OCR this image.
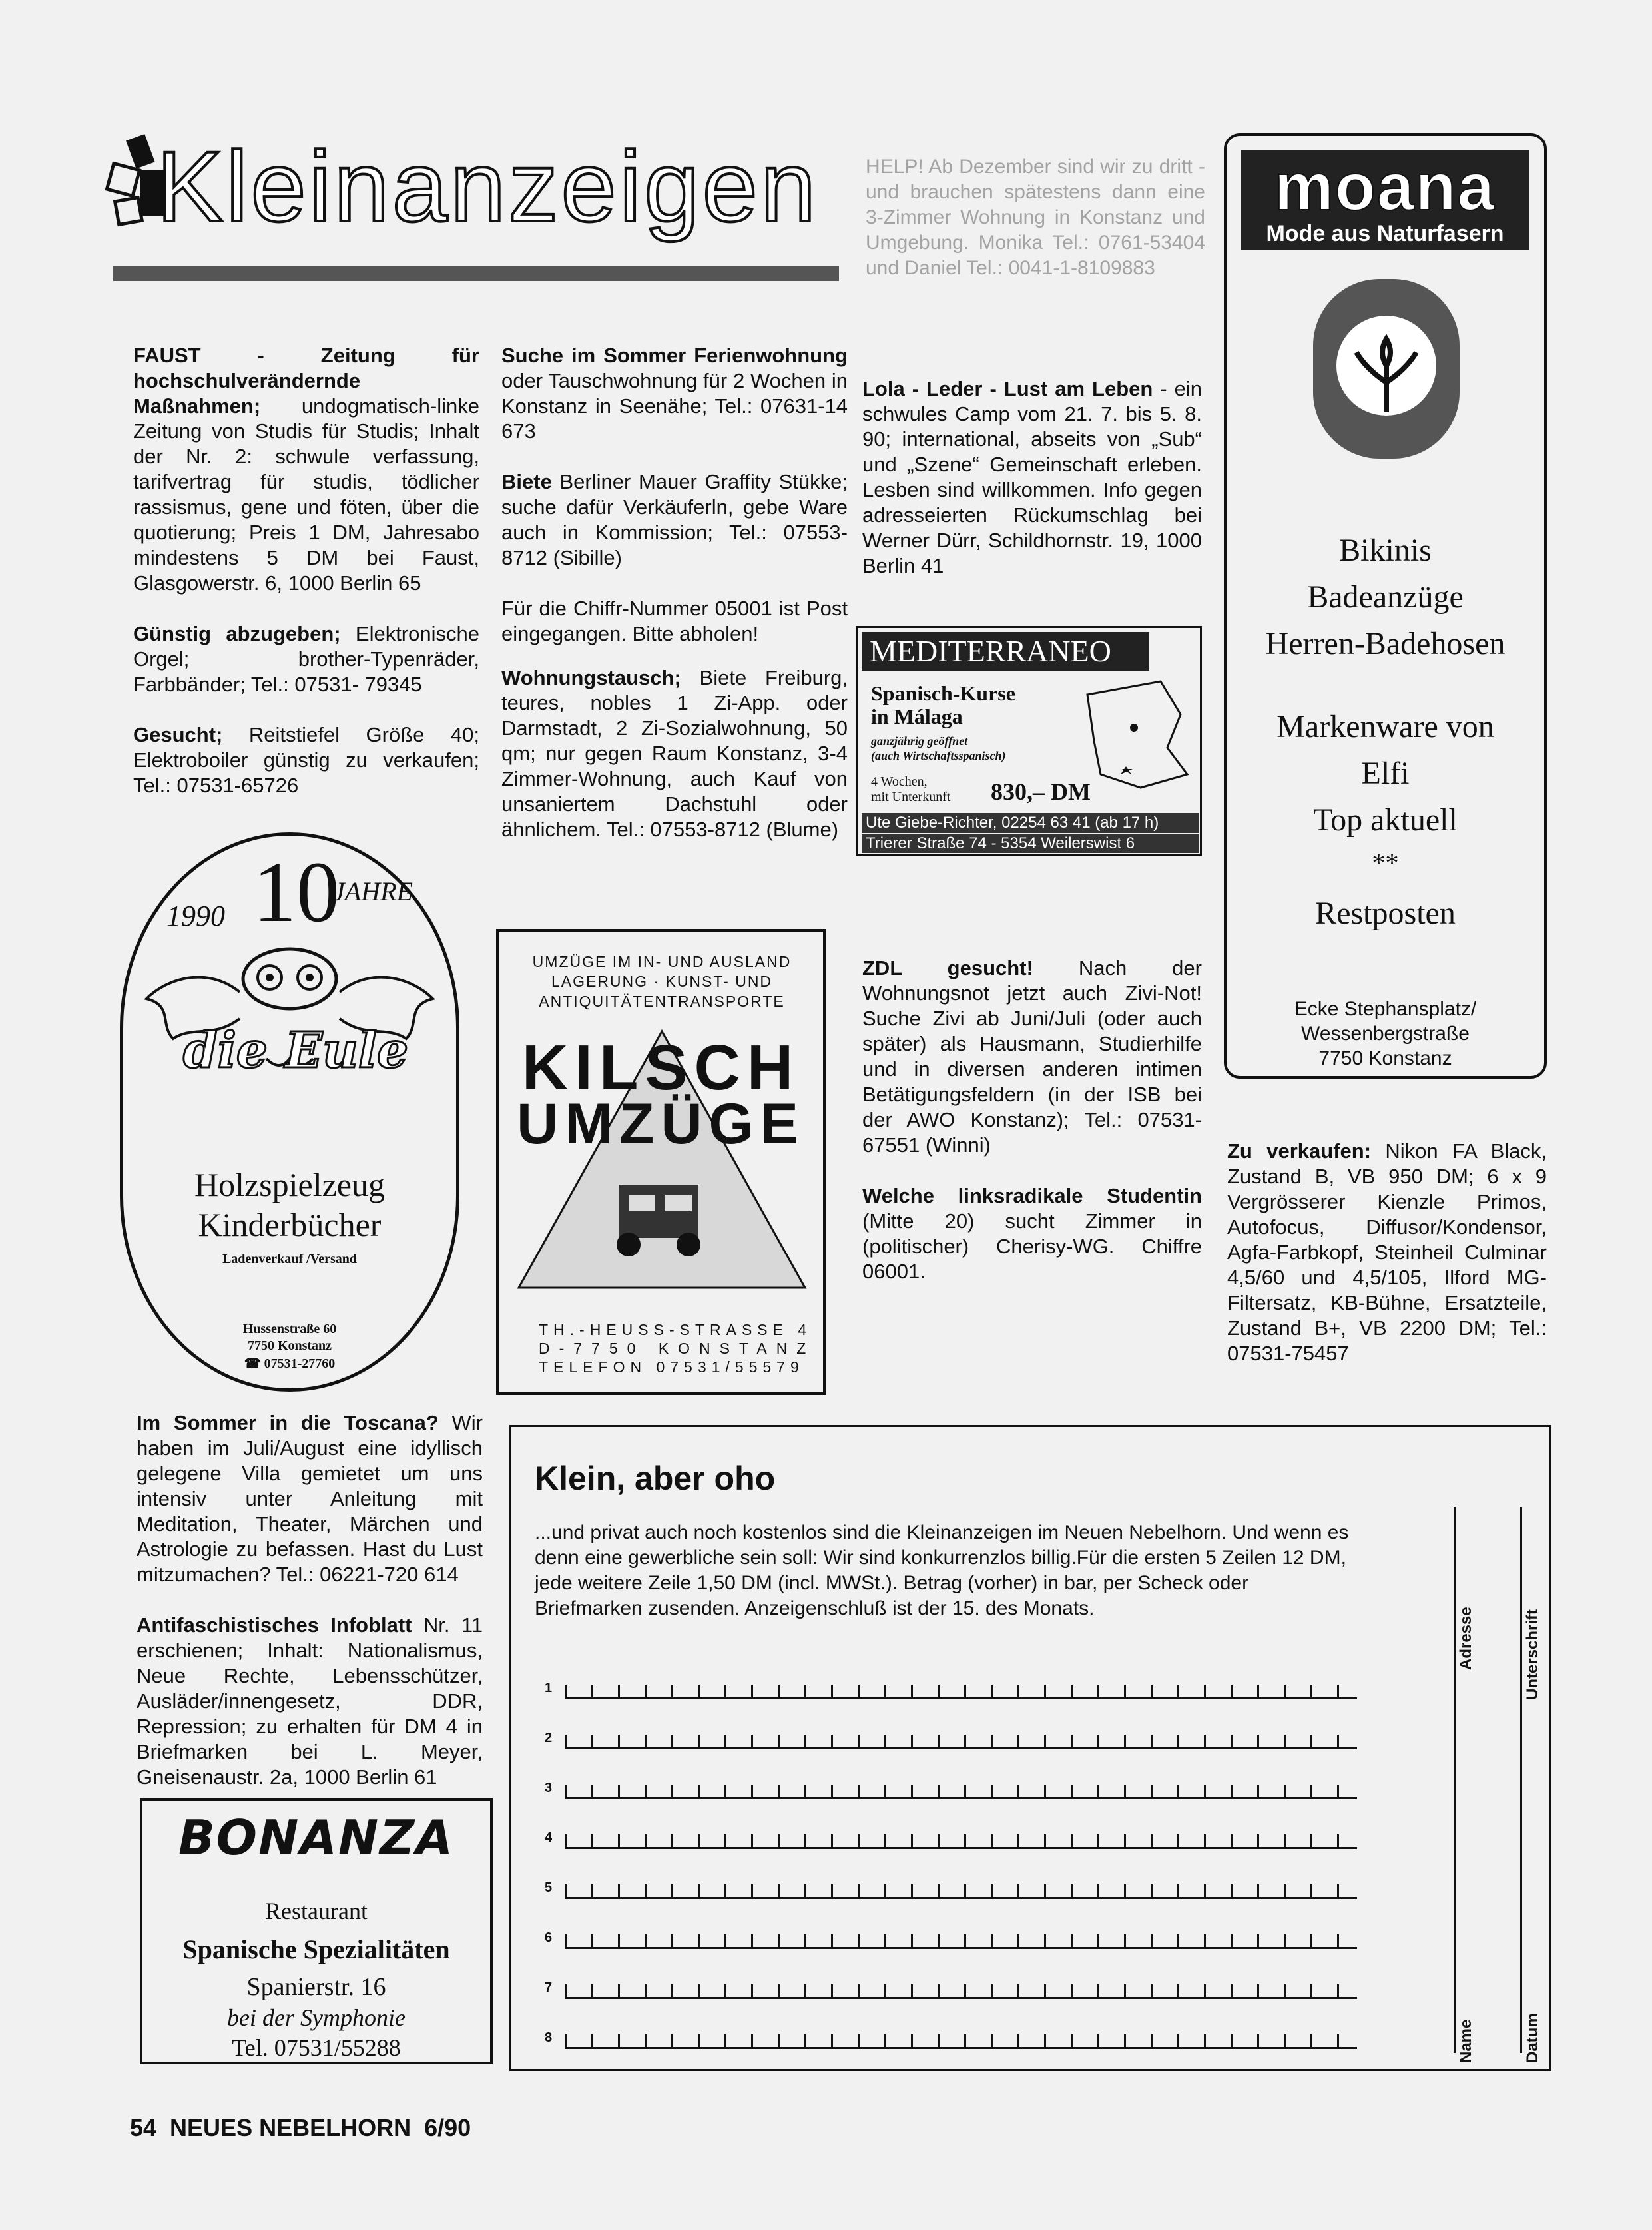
Kleinanzeigen HELP! Ab Dezember sind wir zu dritt - und brauchen spätestens dann eine 3-Zimmer Wohnung in Konstanz und Umgebung. Monika Tel.: 0761-53404 und Daniel Tel.: 0041-1-8109883

FAUST - Zeitung für hochschulverändernde Maßnahmen; undogmatisch-linke Zeitung von Studis für Studis; Inhalt der Nr. 2: schwule verfassung, tarifvertrag für studis, tödlicher rassismus, gene und föten, über die quotierung; Preis 1 DM, Jahresabo mindestens 5 DM bei Faust, Glasgowerstr. 6, 1000 Berlin 65

Günstig abzugeben; Elektronische Orgel; brother-Typenräder, Farbbänder; Tel.: 07531- 79345

Gesucht; Reitstiefel Größe 40; Elektroboiler günstig zu verkaufen; Tel.: 07531-65726

1990 10
JAHRE
die Eule
Holzspielzeug
Kinderbücher
Ladenverkauf /Versand
Hussenstraße 60
7750 Konstanz
☎ 07531-27760

Im Sommer in die Toscana? Wir haben im Juli/August eine idyllisch gelegene Villa gemietet um uns intensiv unter Anleitung mit Meditation, Theater, Märchen und Astrologie zu befassen. Hast du Lust mitzumachen? Tel.: 06221-720 614

Antifaschistisches Infoblatt Nr. 11 erschienen; Inhalt: Nationalismus, Neue Rechte, Lebensschützer, Ausläder/innengesetz, DDR, Repression; zu erhalten für DM 4 in Briefmarken bei L. Meyer, Gneisenaustr. 2a, 1000 Berlin 61

BONANZA
Restaurant
Spanische Spezialitäten
Spanierstr. 16
bei der Symphonie
Tel. 07531/55288

Suche im Sommer Ferienwohnung oder Tauschwohnung für 2 Wochen in Konstanz in Seenähe; Tel.: 07631-14 673

Biete Berliner Mauer Graffity Stükke; suche dafür Verkäuferln, gebe Ware auch in Kommission; Tel.: 07553-8712 (Sibille)

Für die Chiffr-Nummer 05001 ist Post eingegangen. Bitte abholen!

Wohnungstausch; Biete Freiburg, teures, nobles 1 Zi-App. oder Darmstadt, 2 Zi-Sozialwohnung, 50 qm; nur gegen Raum Konstanz, 3-4 Zimmer-Wohnung, auch Kauf von unsaniertem Dachstuhl oder ähnlichem. Tel.: 07553-8712 (Blume)

UMZÜGE IM IN- UND AUSLAND LAGERUNG · KUNST- UND ANTIQUITÄTENTRANSPORTE
KILSCH
UMZÜGE
TH.-HEUSS-STRASSE 4
D-7750 KONSTANZ
TELEFON 07531/55579

Lola - Leder - Lust am Leben - ein schwules Camp vom 21. 7. bis 5. 8. 90; international, abseits von „Sub“ und „Szene“ Gemeinschaft erleben. Lesben sind willkommen. Info gegen adresseierten Rückumschlag bei Werner Dürr, Schildhornstr. 19, 1000 Berlin 41

MEDITERRANEO
Spanisch-Kurse
in Málaga
ganzjährig geöffnet
(auch Wirtschaftsspanisch)
4 Wochen,
mit Unterkunft 830,– DM
Ute Giebe-Richter, 02254 63 41 (ab 17 h)
Trierer Straße 74 - 5354 Weilerswist 6

ZDL gesucht! Nach der Wohnungsnot jetzt auch Zivi-Not! Suche Zivi ab Juni/Juli (oder auch später) als Hausmann, Studierhilfe und in diversen anderen intimen Betätigungsfeldern (in der ISB bei der AWO Konstanz); Tel.: 07531-67551 (Winni)

Welche linksradikale Studentin (Mitte 20) sucht Zimmer in (politischer) Cherisy-WG. Chiffre 06001.

moana
Mode aus Naturfasern
Bikinis
Badeanzüge
Herren-Badehosen
Markenware von
Elfi
Top aktuell
**
Restposten
Ecke Stephansplatz/
Wessenbergstraße
7750 Konstanz

Zu verkaufen: Nikon FA Black, Zustand B, VB 950 DM; 6 x 9 Vergrösserer Kienzle Primos, Autofocus, Diffusor/Kondensor, Agfa-Farbkopf, Steinheil Culminar 4,5/60 und 4,5/105, Ilford MG-Filtersatz, KB-Bühne, Ersatzteile, Zustand B+, VB 2200 DM; Tel.: 07531-75457

Klein, aber oho
...und privat auch noch kostenlos sind die Kleinanzeigen im Neuen Nebelhorn. Und wenn es denn eine gewerbliche sein soll: Wir sind konkurrenzlos billig.Für die ersten 5 Zeilen 12 DM, jede weitere Zeile 1,50 DM (incl. MWSt.). Betrag (vorher) in bar, per Scheck oder Briefmarken zusenden. Anzeigenschluß ist der 15. des Monats.
1
2
3
4
5
6
7
8
Adresse	Unterschrift
Name	Datum
54  NEUES NEBELHORN  6/90
